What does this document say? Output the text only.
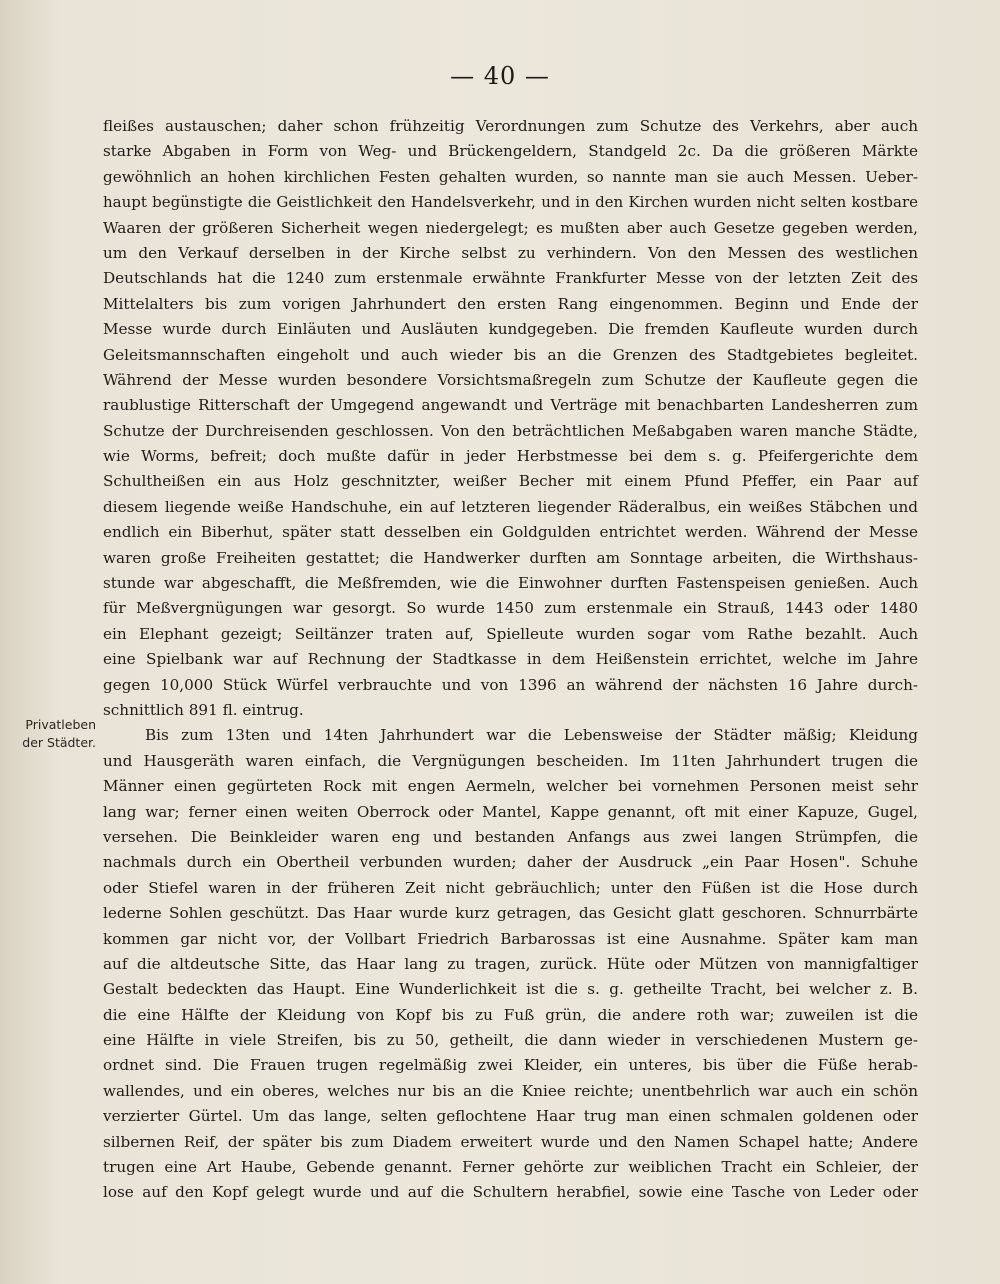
— 40 —
Privatleben
der Städter.
fleißes austauschen; daher schon frühzeitig Verordnungen zum Schutze des Verkehrs, aber auch
starke Abgaben in Form von Weg- und Brückengeldern, Standgeld 2c. Da die größeren Märkte
gewöhnlich an hohen kirchlichen Festen gehalten wurden, so nannte man sie auch Messen. Ueber-
haupt begünstigte die Geistlichkeit den Handelsverkehr, und in den Kirchen wurden nicht selten kostbare
Waaren der größeren Sicherheit wegen niedergelegt; es mußten aber auch Gesetze gegeben werden,
um den Verkauf derselben in der Kirche selbst zu verhindern. Von den Messen des westlichen
Deutschlands hat die 1240 zum erstenmale erwähnte Frankfurter Messe von der letzten Zeit des
Mittelalters bis zum vorigen Jahrhundert den ersten Rang eingenommen. Beginn und Ende der
Messe wurde durch Einläuten und Ausläuten kundgegeben. Die fremden Kaufleute wurden durch
Geleitsmannschaften eingeholt und auch wieder bis an die Grenzen des Stadtgebietes begleitet.
Während der Messe wurden besondere Vorsichtsmaßregeln zum Schutze der Kaufleute gegen die
raublustige Ritterschaft der Umgegend angewandt und Verträge mit benachbarten Landesherren zum
Schutze der Durchreisenden geschlossen. Von den beträchtlichen Meßabgaben waren manche Städte,
wie Worms, befreit; doch mußte dafür in jeder Herbstmesse bei dem s. g. Pfeifergerichte dem
Schultheißen ein aus Holz geschnitzter, weißer Becher mit einem Pfund Pfeffer, ein Paar auf
diesem liegende weiße Handschuhe, ein auf letzteren liegender Räderalbus, ein weißes Stäbchen und
endlich ein Biberhut, später statt desselben ein Goldgulden entrichtet werden. Während der Messe
waren große Freiheiten gestattet; die Handwerker durften am Sonntage arbeiten, die Wirthshaus-
stunde war abgeschafft, die Meßfremden, wie die Einwohner durften Fastenspeisen genießen. Auch
für Meßvergnügungen war gesorgt. So wurde 1450 zum erstenmale ein Strauß, 1443 oder 1480
ein Elephant gezeigt; Seiltänzer traten auf, Spielleute wurden sogar vom Rathe bezahlt. Auch
eine Spielbank war auf Rechnung der Stadtkasse in dem Heißenstein errichtet, welche im Jahre
gegen 10,000 Stück Würfel verbrauchte und von 1396 an während der nächsten 16 Jahre durch-
schnittlich 891 fl. eintrug.
Bis zum 13ten und 14ten Jahrhundert war die Lebensweise der Städter mäßig; Kleidung
und Hausgeräth waren einfach, die Vergnügungen bescheiden. Im 11ten Jahrhundert trugen die
Männer einen gegürteten Rock mit engen Aermeln, welcher bei vornehmen Personen meist sehr
lang war; ferner einen weiten Oberrock oder Mantel, Kappe genannt, oft mit einer Kapuze, Gugel,
versehen. Die Beinkleider waren eng und bestanden Anfangs aus zwei langen Strümpfen, die
nachmals durch ein Obertheil verbunden wurden; daher der Ausdruck „ein Paar Hosen". Schuhe
oder Stiefel waren in der früheren Zeit nicht gebräuchlich; unter den Füßen ist die Hose durch
lederne Sohlen geschützt. Das Haar wurde kurz getragen, das Gesicht glatt geschoren. Schnurrbärte
kommen gar nicht vor, der Vollbart Friedrich Barbarossas ist eine Ausnahme. Später kam man
auf die altdeutsche Sitte, das Haar lang zu tragen, zurück. Hüte oder Mützen von mannigfaltiger
Gestalt bedeckten das Haupt. Eine Wunderlichkeit ist die s. g. getheilte Tracht, bei welcher z. B.
die eine Hälfte der Kleidung von Kopf bis zu Fuß grün, die andere roth war; zuweilen ist die
eine Hälfte in viele Streifen, bis zu 50, getheilt, die dann wieder in verschiedenen Mustern ge-
ordnet sind. Die Frauen trugen regelmäßig zwei Kleider, ein unteres, bis über die Füße herab-
wallendes, und ein oberes, welches nur bis an die Kniee reichte; unentbehrlich war auch ein schön
verzierter Gürtel. Um das lange, selten geflochtene Haar trug man einen schmalen goldenen oder
silbernen Reif, der später bis zum Diadem erweitert wurde und den Namen Schapel hatte; Andere
trugen eine Art Haube, Gebende genannt. Ferner gehörte zur weiblichen Tracht ein Schleier, der
lose auf den Kopf gelegt wurde und auf die Schultern herabfiel, sowie eine Tasche von Leder oder
